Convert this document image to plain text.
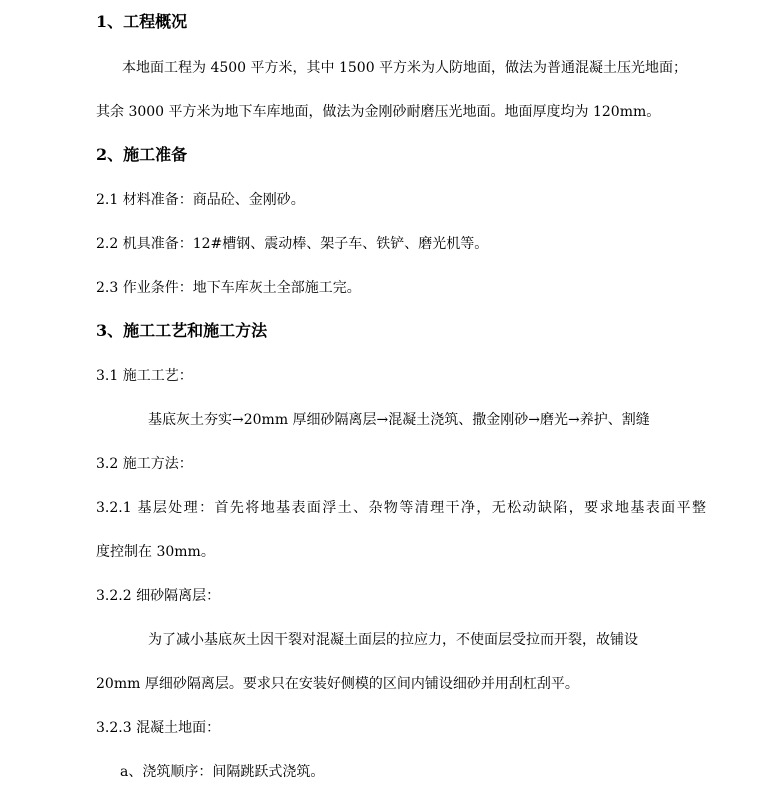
1、工程概况
本地面工程为 4500 平方米，其中 1500 平方米为人防地面，做法为普通混凝土压光地面；
其余 3000 平方米为地下车库地面，做法为金刚砂耐磨压光地面。地面厚度均为 120mm。
2、施工准备
2.1 材料准备：商品砼、金刚砂。
2.2 机具准备：12#槽钢、震动棒、架子车、铁铲、磨光机等。
2.3 作业条件：地下车库灰土全部施工完。
3、施工工艺和施工方法
3.1 施工工艺：
基底灰土夯实→20mm 厚细砂隔离层→混凝土浇筑、撒金刚砂→磨光→养护、割缝
3.2 施工方法：
3.2.1 基层处理：首先将地基表面浮土、杂物等清理干净，无松动缺陷，要求地基表面平整
度控制在 30mm。
3.2.2 细砂隔离层：
为了减小基底灰土因干裂对混凝土面层的拉应力，不使面层受拉而开裂，故铺设
20mm 厚细砂隔离层。要求只在安装好侧模的区间内铺设细砂并用刮杠刮平。
3.2.3 混凝土地面：
a、浇筑顺序：间隔跳跃式浇筑。
